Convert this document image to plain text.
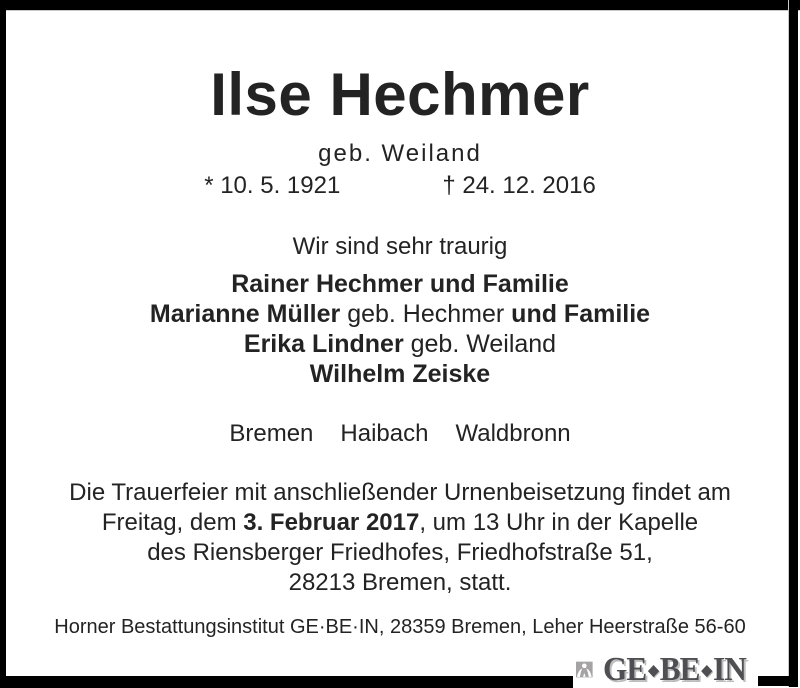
Ilse Hechmer
geb. Weiland
* 10. 5. 1921	† 24. 12. 2016
Wir sind sehr traurig
Rainer Hechmer und Familie
Marianne Müller geb. Hechmer und Familie
Erika Lindner geb. Weiland
Wilhelm Zeiske
Bremen Haibach Waldbronn
Die Trauerfeier mit anschließender Urnenbeisetzung findet am
Freitag, dem 3. Februar 2017, um 13 Uhr in der Kapelle
des Riensberger Friedhofes, Friedhofstraße 51,
28213 Bremen, statt.
Horner Bestattungsinstitut GE·BE·IN, 28359 Bremen, Leher Heerstraße 56-60
GE ◆ BE ◆ IN
